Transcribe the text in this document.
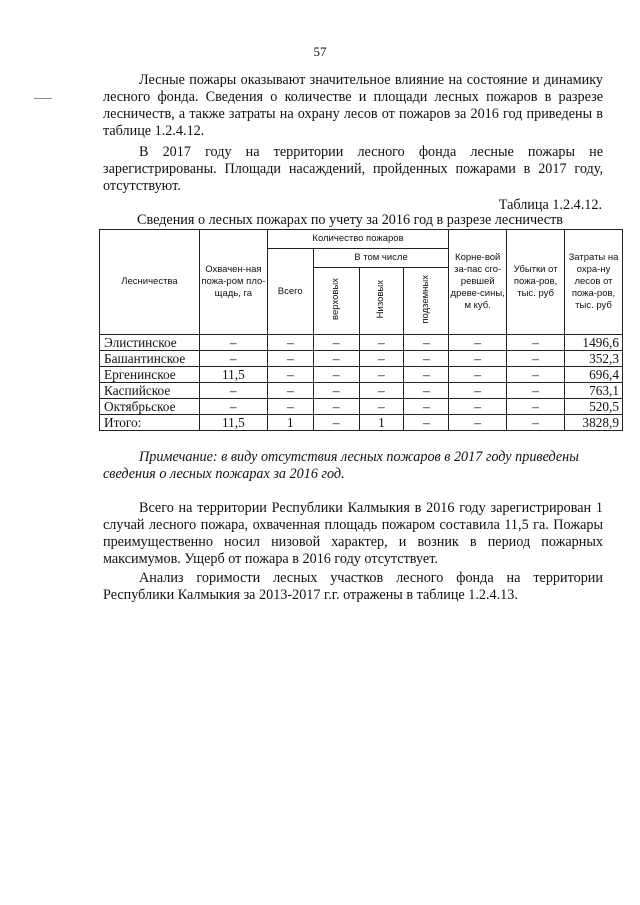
57

Лесные пожары оказывают значительное влияние на состояние и динамику лесного фонда. Сведения о количестве и площади лесных пожаров в разрезе лесничеств, а также затраты на охрану лесов от пожаров за 2016 год приведены в таблице 1.2.4.12.

В 2017 году на территории лесного фонда лесные пожары не зарегистрированы. Площади насаждений, пройденных пожарами в 2017 году, отсутствуют.

Таблица 1.2.4.12.
Сведения о лесных пожарах по учету за 2016 год в разрезе лесничеств
Лесничества	Охвачен-ная пожа-ром пло-щадь, га	Количество пожаров				Корне-вой за-пас сго-ревшей древе-сины, м куб.	Убытки от пожа-ров, тыс. руб	Затраты на охра-ну лесов от пожа-ров, тыс. руб
		Всего	В том числе					
			верховых	Низовых	подземных			
Элистинское	–	–	–	–	–	–	–	1496,6
Башантинское	–	–	–	–	–	–	–	352,3
Ергенинское	11,5	–	–	–	–	–	–	696,4
Каспийское	–	–	–	–	–	–	–	763,1
Октябрьское	–	–	–	–	–	–	–	520,5
Итого:	11,5	1	–	1	–	–	–	3828,9

Примечание: в виду отсутствия лесных пожаров в 2017 году приведены сведения о лесных пожарах за 2016 год.

Всего на территории Республики Калмыкия в 2016 году зарегистрирован 1 случай лесного пожара, охваченная площадь пожаром составила 11,5 га. Пожары преимущественно носил низовой характер, и возник в период пожарных максимумов. Ущерб от пожара в 2016 году отсутствует.

Анализ горимости лесных участков лесного фонда на территории Республики Калмыкия за 2013-2017 г.г. отражены в таблице 1.2.4.13.
